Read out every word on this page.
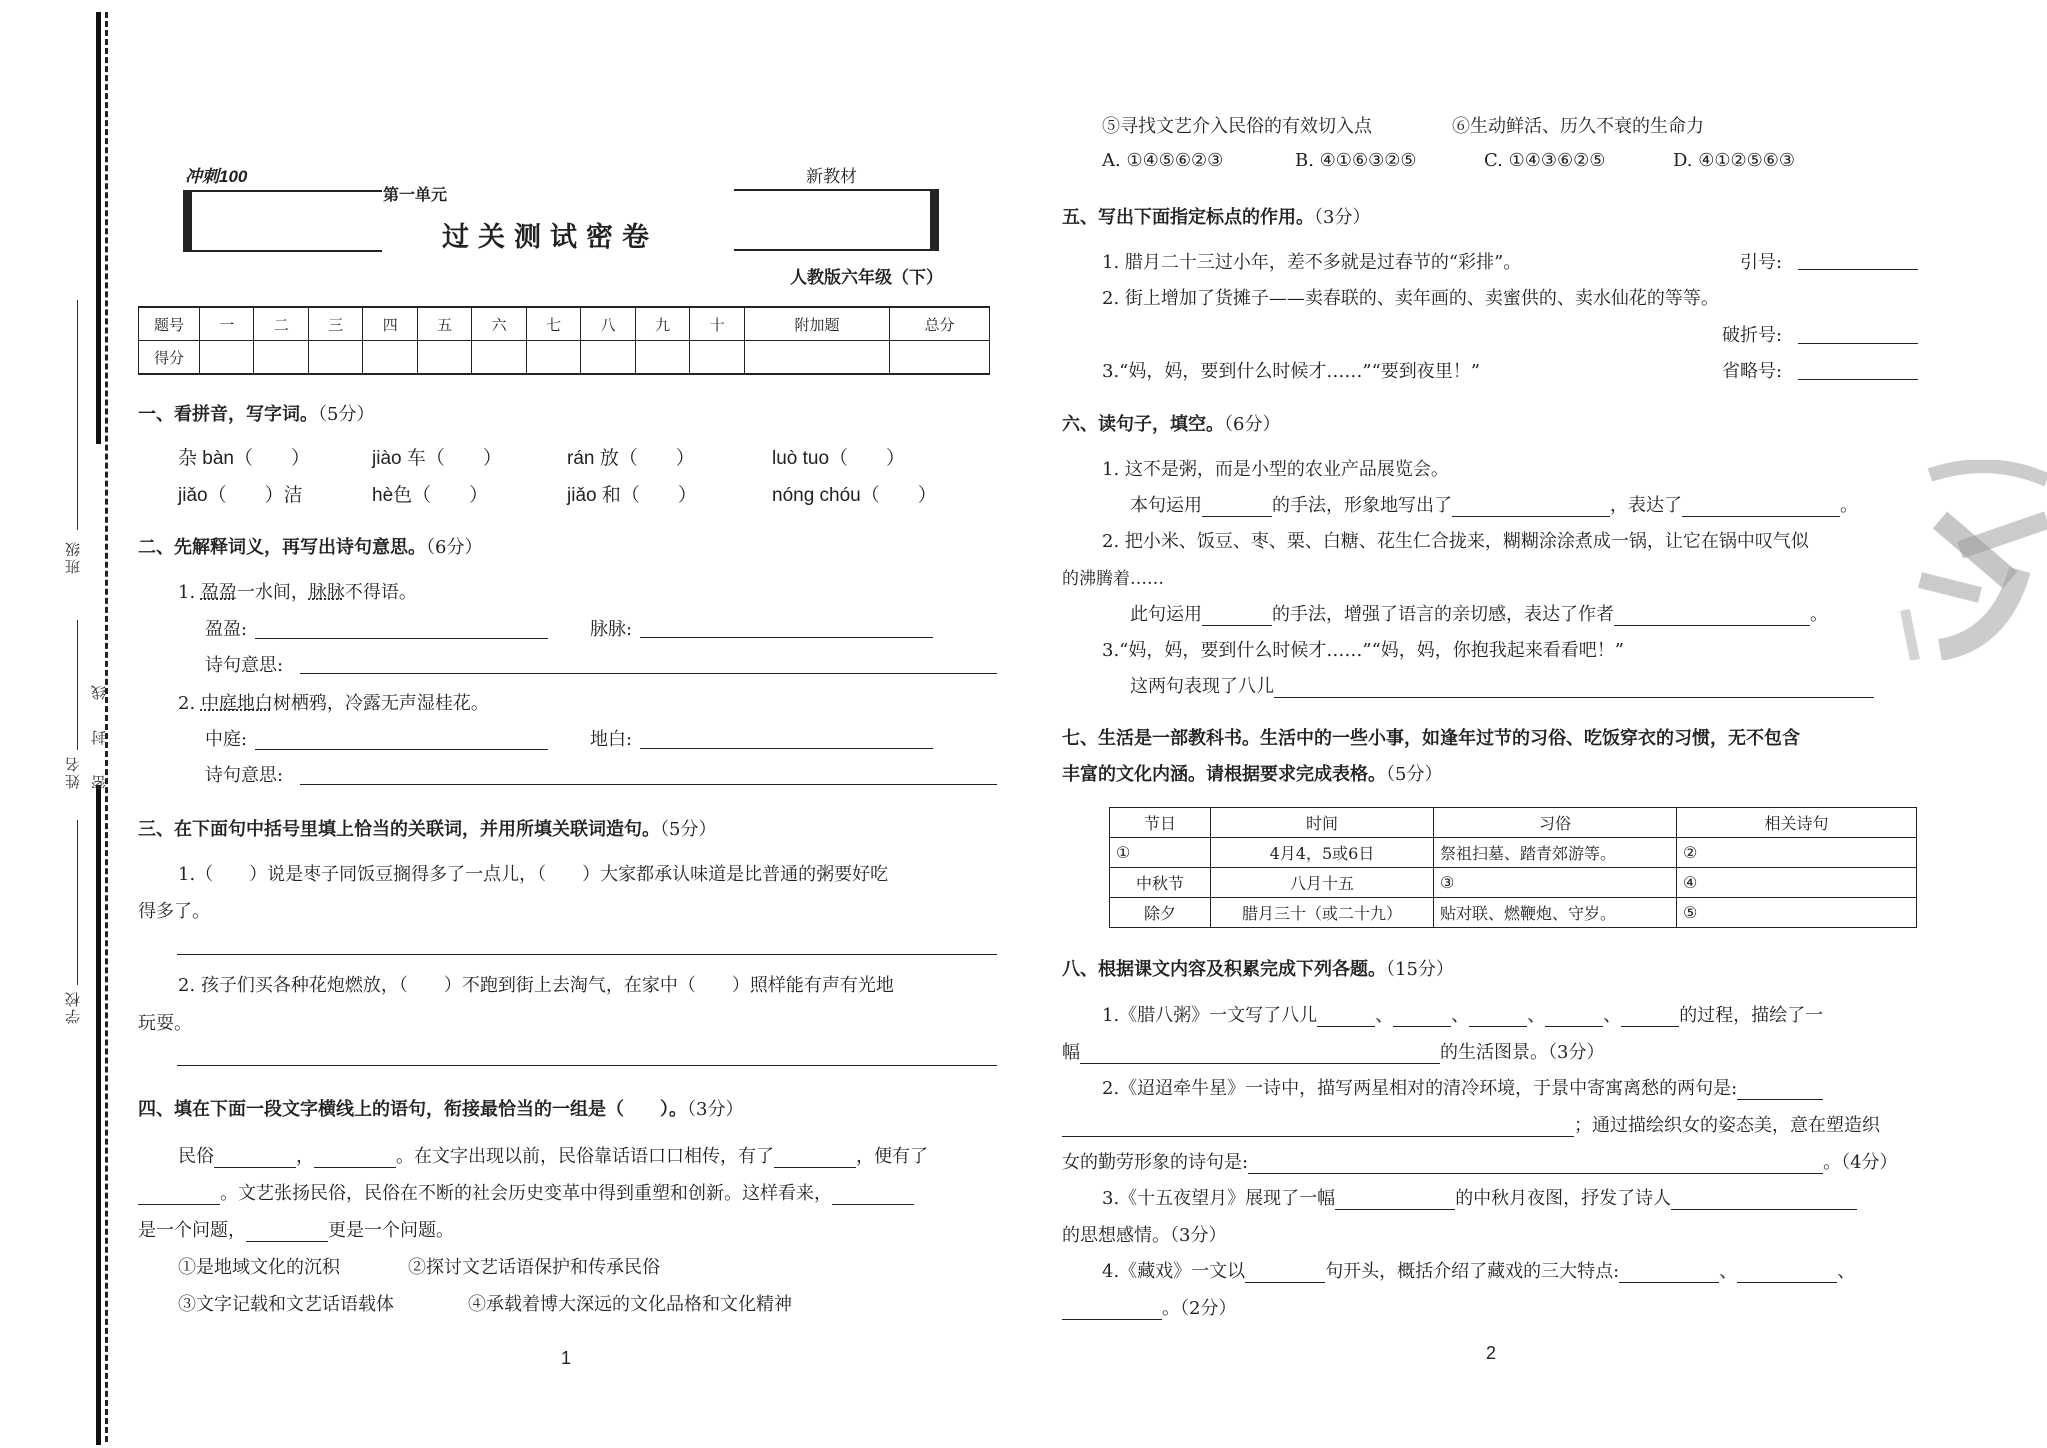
班级
姓名
学校
线
封
密
冲刺100	新教材
第一单元
过关测试密卷
人教版六年级（下）
题号	一	二	三	四	五	六	七	八	九	十	附加题	总分
得分												
一、看拼音，写字词。（5分）
杂 bàn（　　）	jiào 车（　　）	rán 放（　　）	luò tuo（　　）
jiǎo（　　）洁	hè色（　　）	jiǎo 和（　　）	nóng chóu（　　）
二、先解释词义，再写出诗句意思。（6分）
1. 盈盈一水间，脉脉不得语。
盈盈:	脉脉:
诗句意思:
2. 中庭地白树栖鸦，冷露无声湿桂花。
中庭:	地白:
诗句意思:
三、在下面句中括号里填上恰当的关联词，并用所填关联词造句。（5分）
1.（　　）说是枣子同饭豆搁得多了一点儿，（　　）大家都承认味道是比普通的粥要好吃
得多了。
2. 孩子们买各种花炮燃放，（　　）不跑到街上去淘气，在家中（　　）照样能有声有光地
玩耍。
四、填在下面一段文字横线上的语句，衔接最恰当的一组是（　　）。（3分）
民俗	，	。在文字出现以前，民俗靠话语口口相传，有了	，便有了
。文艺张扬民俗，民俗在不断的社会历史变革中得到重塑和创新。这样看来，
是一个问题，	更是一个问题。
①是地域文化的沉积	②探讨文艺话语保护和传承民俗
③文字记载和文艺话语载体	④承载着博大深远的文化品格和文化精神
1
⑤寻找文艺介入民俗的有效切入点	⑥生动鲜活、历久不衰的生命力
A. ①④⑤⑥②③	B. ④①⑥③②⑤	C. ①④③⑥②⑤	D. ④①②⑤⑥③
五、写出下面指定标点的作用。（3分）
1. 腊月二十三过小年，差不多就是过春节的“彩排”。	引号:
2. 街上增加了货摊子——卖春联的、卖年画的、卖蜜供的、卖水仙花的等等。
破折号:
3.“妈，妈，要到什么时候才……”“要到夜里！”	省略号:
六、读句子，填空。（6分）
1. 这不是粥，而是小型的农业产品展览会。
本句运用	的手法，形象地写出了	，表达了	。
2. 把小米、饭豆、枣、栗、白糖、花生仁合拢来，糊糊涂涂煮成一锅，让它在锅中叹气似
的沸腾着……
此句运用	的手法，增强了语言的亲切感，表达了作者	。
3.“妈，妈，要到什么时候才……”“妈，妈，你抱我起来看看吧！”
这两句表现了八儿
七、生活是一部教科书。生活中的一些小事，如逢年过节的习俗、吃饭穿衣的习惯，无不包含
丰富的文化内涵。请根据要求完成表格。（5分）
节日	时间	习俗	相关诗句
①	4月4，5或6日	祭祖扫墓、踏青郊游等。	②
中秋节	八月十五	③	④
除夕	腊月三十（或二十九）	贴对联、燃鞭炮、守岁。	⑤
八、根据课文内容及积累完成下列各题。（15分）
1.《腊八粥》一文写了八儿	、	、	、	、	的过程，描绘了一
幅	的生活图景。（3分）
2.《迢迢牵牛星》一诗中，描写两星相对的清冷环境，于景中寄寓离愁的两句是:
；通过描绘织女的姿态美，意在塑造织
女的勤劳形象的诗句是:	。（4分）
3.《十五夜望月》展现了一幅	的中秋月夜图，抒发了诗人
的思想感情。（3分）
4.《藏戏》一文以	句开头，概括介绍了藏戏的三大特点:	、	、
。（2分）
2
